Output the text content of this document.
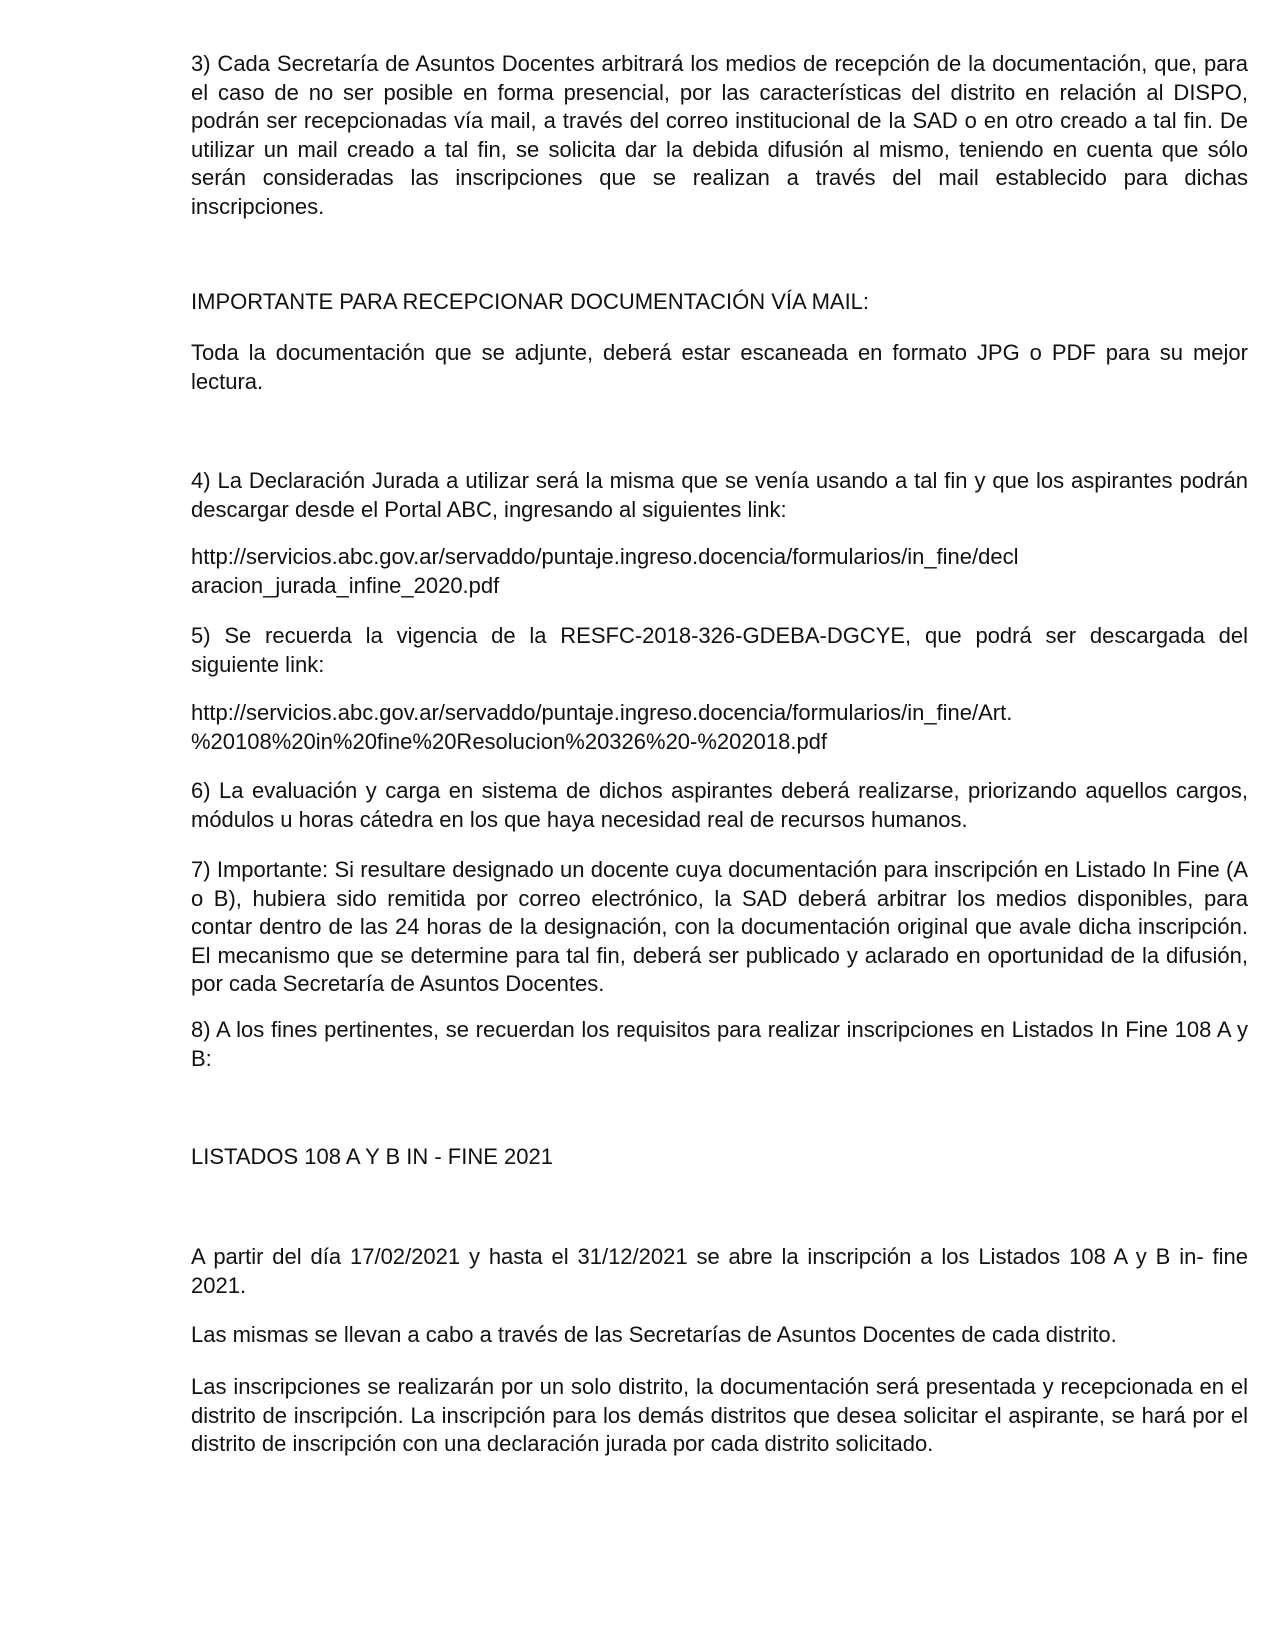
3) Cada Secretaría de Asuntos Docentes arbitrará los medios de recepción de la documentación, que, para el caso de no ser posible en forma presencial, por las características del distrito en relación al DISPO, podrán ser recepcionadas vía mail, a través del correo institucional de la SAD o en otro creado a tal fin. De utilizar un mail creado a tal fin, se solicita dar la debida difusión al mismo, teniendo en cuenta que sólo serán consideradas las inscripciones que se realizan a través del mail establecido para dichas inscripciones.

IMPORTANTE PARA RECEPCIONAR DOCUMENTACIÓN VÍA MAIL:

Toda la documentación que se adjunte, deberá estar escaneada en formato JPG o PDF para su mejor lectura.

4) La Declaración Jurada a utilizar será la misma que se venía usando a tal fin y que los aspirantes podrán descargar desde el Portal ABC, ingresando al siguientes link:

http://servicios.abc.gov.ar/servaddo/puntaje.ingreso.docencia/formularios/in_fine/decl
aracion_jurada_infine_2020.pdf

5) Se recuerda la vigencia de la RESFC-2018-326-GDEBA-DGCYE, que podrá ser descargada del siguiente link:

http://servicios.abc.gov.ar/servaddo/puntaje.ingreso.docencia/formularios/in_fine/Art.
%20108%20in%20fine%20Resolucion%20326%20-%202018.pdf

6) La evaluación y carga en sistema de dichos aspirantes deberá realizarse, priorizando aquellos cargos, módulos u horas cátedra en los que haya necesidad real de recursos humanos.

7) Importante: Si resultare designado un docente cuya documentación para inscripción en Listado In Fine (A o B), hubiera sido remitida por correo electrónico, la SAD deberá arbitrar los medios disponibles, para contar dentro de las 24 horas de la designación, con la documentación original que avale dicha inscripción. El mecanismo que se determine para tal fin, deberá ser publicado y aclarado en oportunidad de la difusión, por cada Secretaría de Asuntos Docentes.

8) A los fines pertinentes, se recuerdan los requisitos para realizar inscripciones en Listados In Fine 108 A y B:

LISTADOS 108 A Y B IN - FINE 2021

A partir del día 17/02/2021 y hasta el 31/12/2021 se abre la inscripción a los Listados 108 A y B in- fine 2021.

Las mismas se llevan a cabo a través de las Secretarías de Asuntos Docentes de cada distrito.

Las inscripciones se realizarán por un solo distrito, la documentación será presentada y recepcionada en el distrito de inscripción. La inscripción para los demás distritos que desea solicitar el aspirante, se hará por el distrito de inscripción con una declaración jurada por cada distrito solicitado.
